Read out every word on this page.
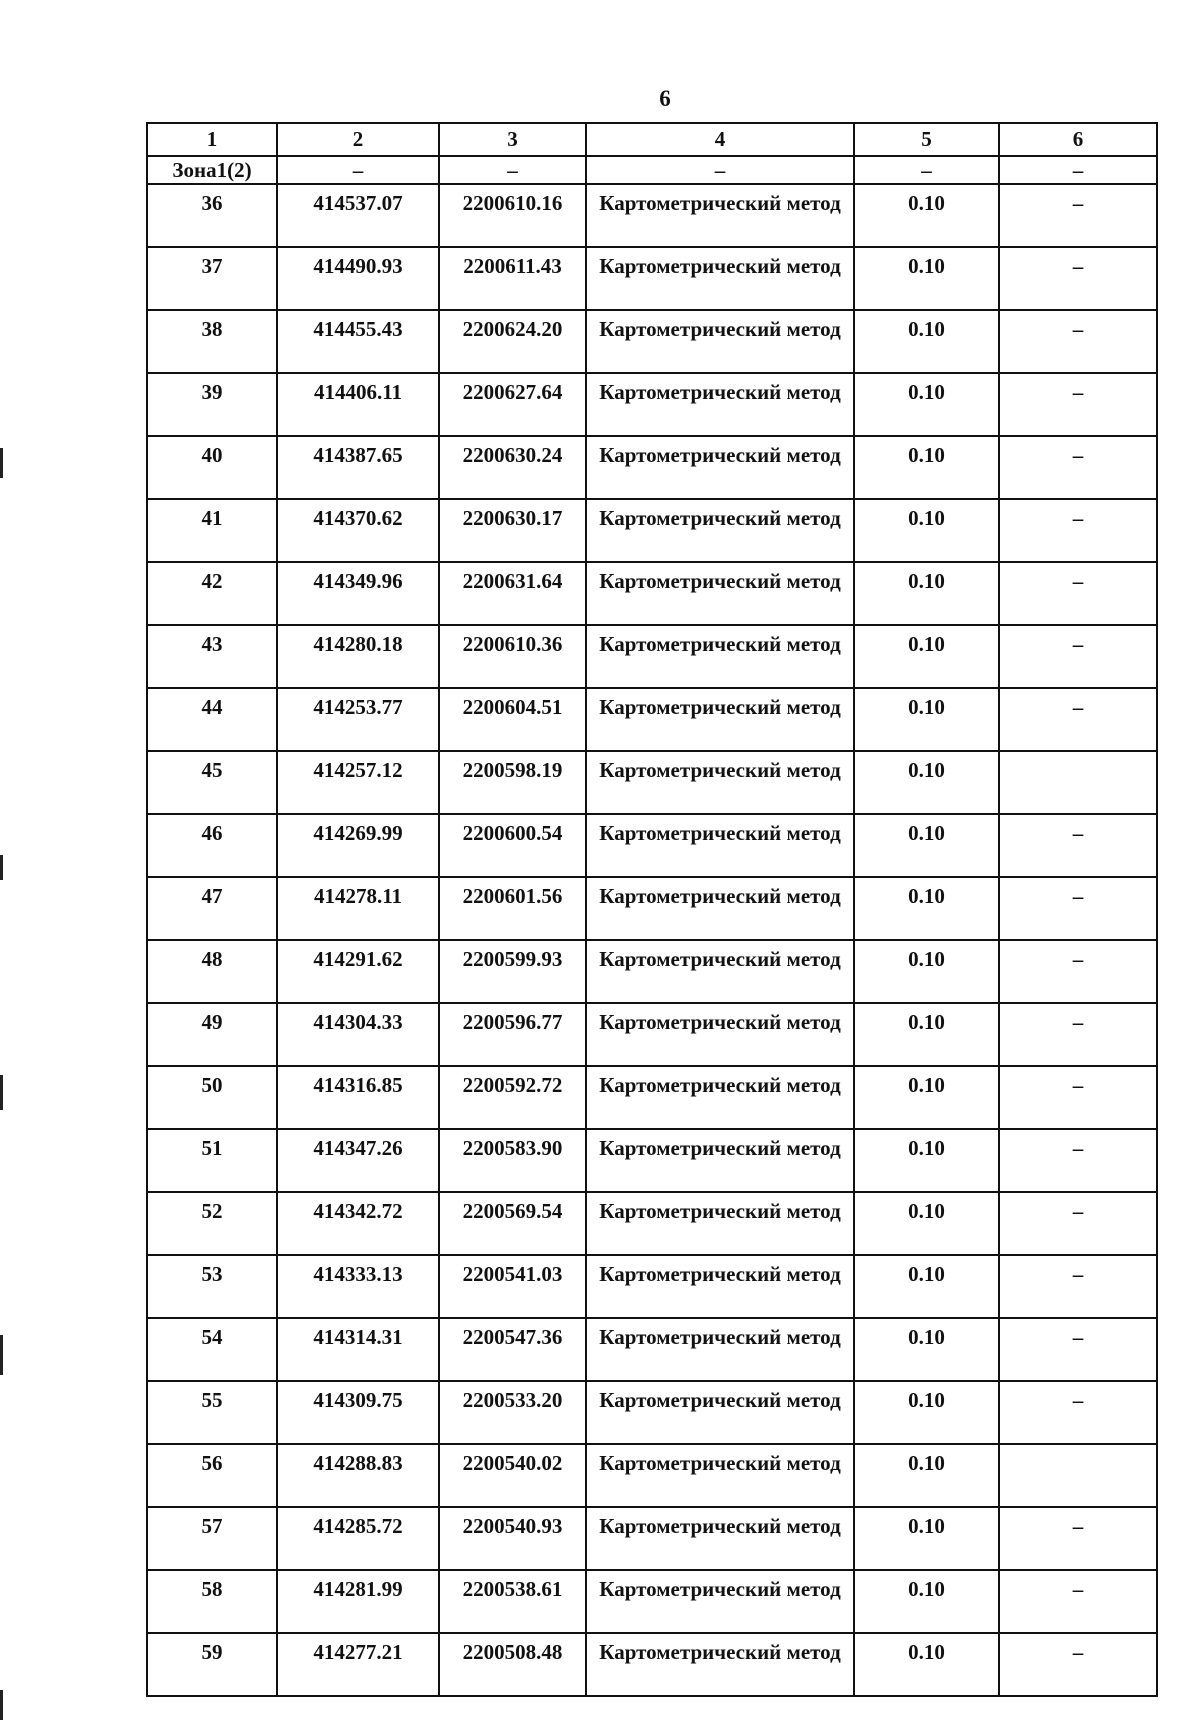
6
1	2	3	4	5	6
Зона1(2)	–	–	–	–	–
36	414537.07	2200610.16	Картометрический метод	0.10	–
37	414490.93	2200611.43	Картометрический метод	0.10	–
38	414455.43	2200624.20	Картометрический метод	0.10	–
39	414406.11	2200627.64	Картометрический метод	0.10	–
40	414387.65	2200630.24	Картометрический метод	0.10	–
41	414370.62	2200630.17	Картометрический метод	0.10	–
42	414349.96	2200631.64	Картометрический метод	0.10	–
43	414280.18	2200610.36	Картометрический метод	0.10	–
44	414253.77	2200604.51	Картометрический метод	0.10	–
45	414257.12	2200598.19	Картометрический метод	0.10	
46	414269.99	2200600.54	Картометрический метод	0.10	–
47	414278.11	2200601.56	Картометрический метод	0.10	–
48	414291.62	2200599.93	Картометрический метод	0.10	–
49	414304.33	2200596.77	Картометрический метод	0.10	–
50	414316.85	2200592.72	Картометрический метод	0.10	–
51	414347.26	2200583.90	Картометрический метод	0.10	–
52	414342.72	2200569.54	Картометрический метод	0.10	–
53	414333.13	2200541.03	Картометрический метод	0.10	–
54	414314.31	2200547.36	Картометрический метод	0.10	–
55	414309.75	2200533.20	Картометрический метод	0.10	–
56	414288.83	2200540.02	Картометрический метод	0.10	
57	414285.72	2200540.93	Картометрический метод	0.10	–
58	414281.99	2200538.61	Картометрический метод	0.10	–
59	414277.21	2200508.48	Картометрический метод	0.10	–
